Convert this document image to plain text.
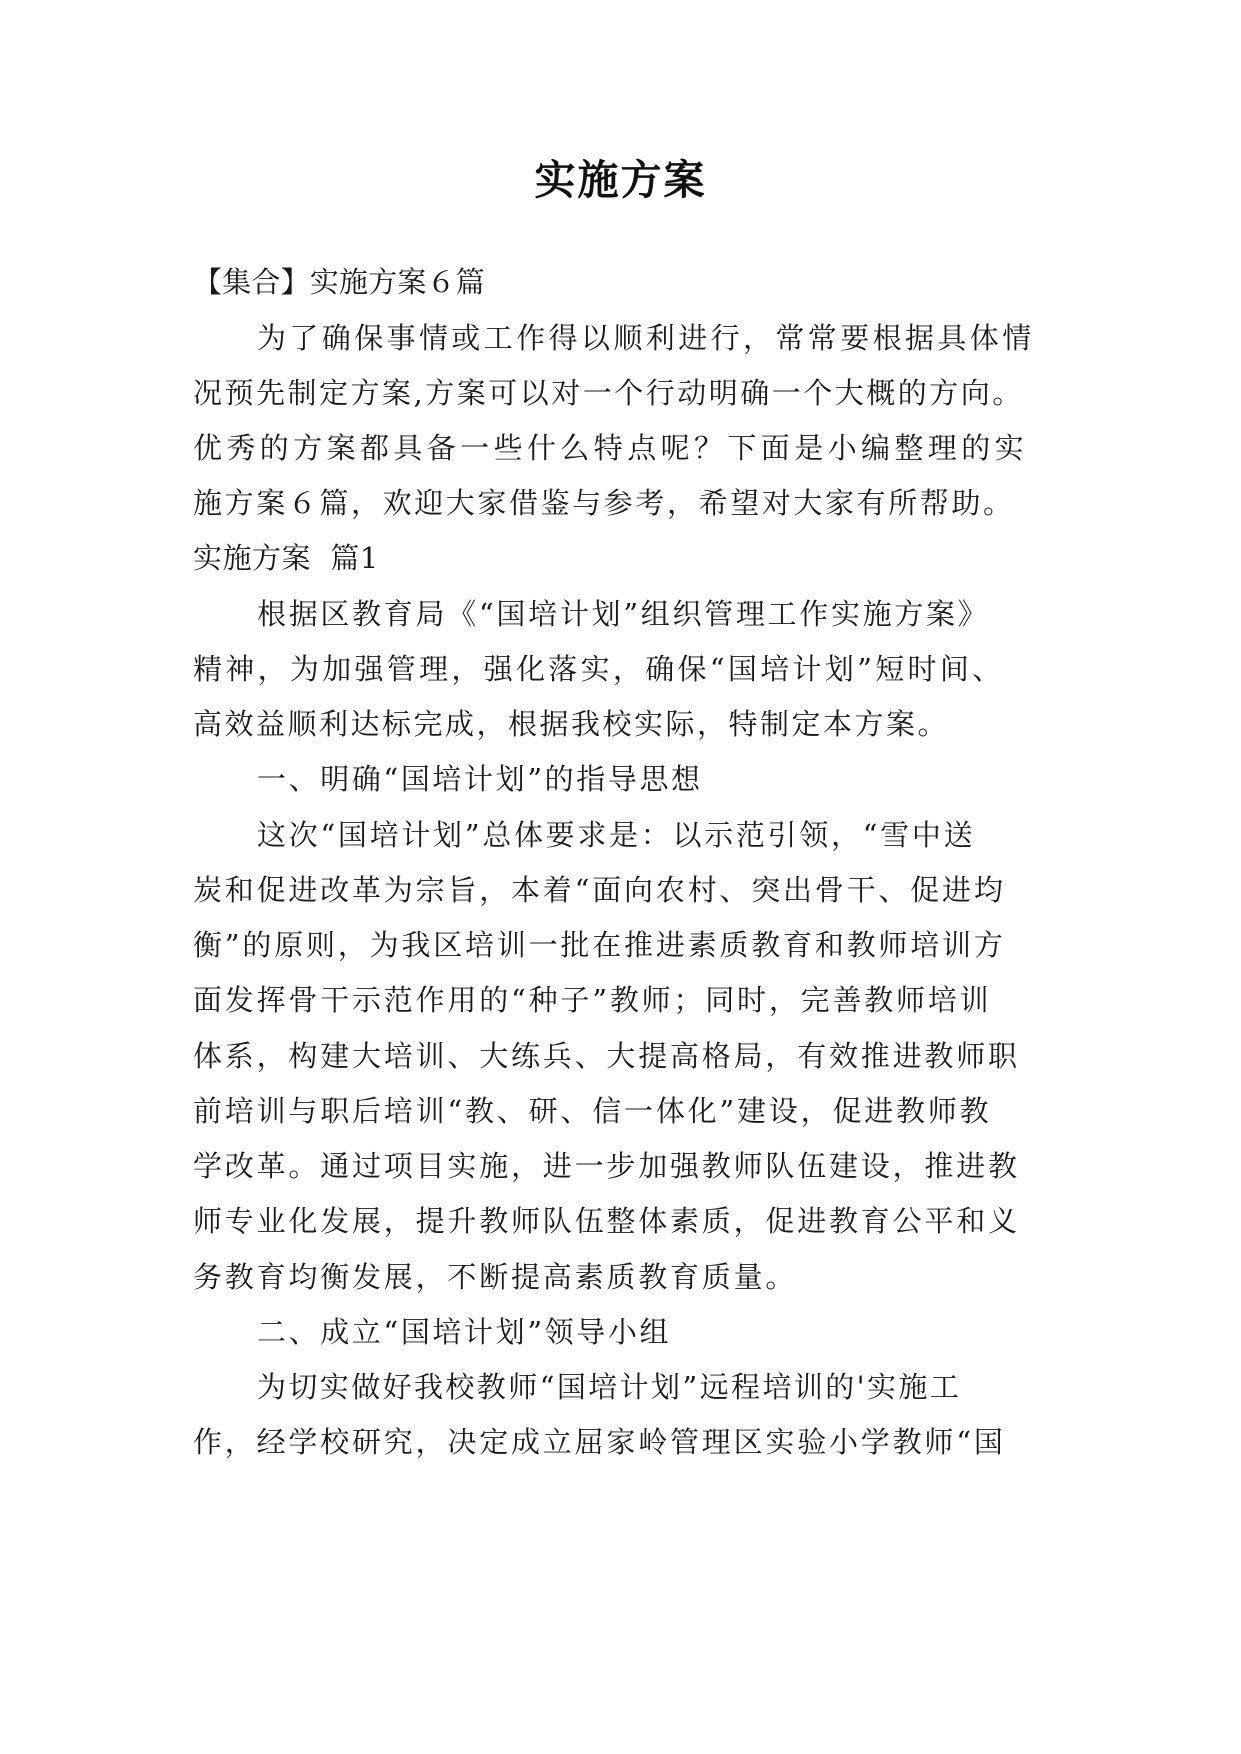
实施方案
【集合】实施方案６篇
为了确保事情或工作得以顺利进行，常常要根据具体情
况预先制定方案,方案可以对一个行动明确一个大概的方向。
优秀的方案都具备一些什么特点呢？下面是小编整理的实
施方案６篇，欢迎大家借鉴与参考，希望对大家有所帮助。
实施方案  篇1
根据区教育局《“国培计划”组织管理工作实施方案》
精神，为加强管理，强化落实，确保“国培计划”短时间、
高效益顺利达标完成，根据我校实际，特制定本方案。
一、明确“国培计划”的指导思想
这次“国培计划”总体要求是：以示范引领，“雪中送
炭和促进改革为宗旨，本着“面向农村、突出骨干、促进均
衡”的原则，为我区培训一批在推进素质教育和教师培训方
面发挥骨干示范作用的“种子”教师；同时，完善教师培训
体系，构建大培训、大练兵、大提高格局，有效推进教师职
前培训与职后培训“教、研、信一体化”建设，促进教师教
学改革。通过项目实施，进一步加强教师队伍建设，推进教
师专业化发展，提升教师队伍整体素质，促进教育公平和义
务教育均衡发展，不断提高素质教育质量。
二、成立“国培计划”领导小组
为切实做好我校教师“国培计划”远程培训的'实施工
作，经学校研究，决定成立屈家岭管理区实验小学教师“国
